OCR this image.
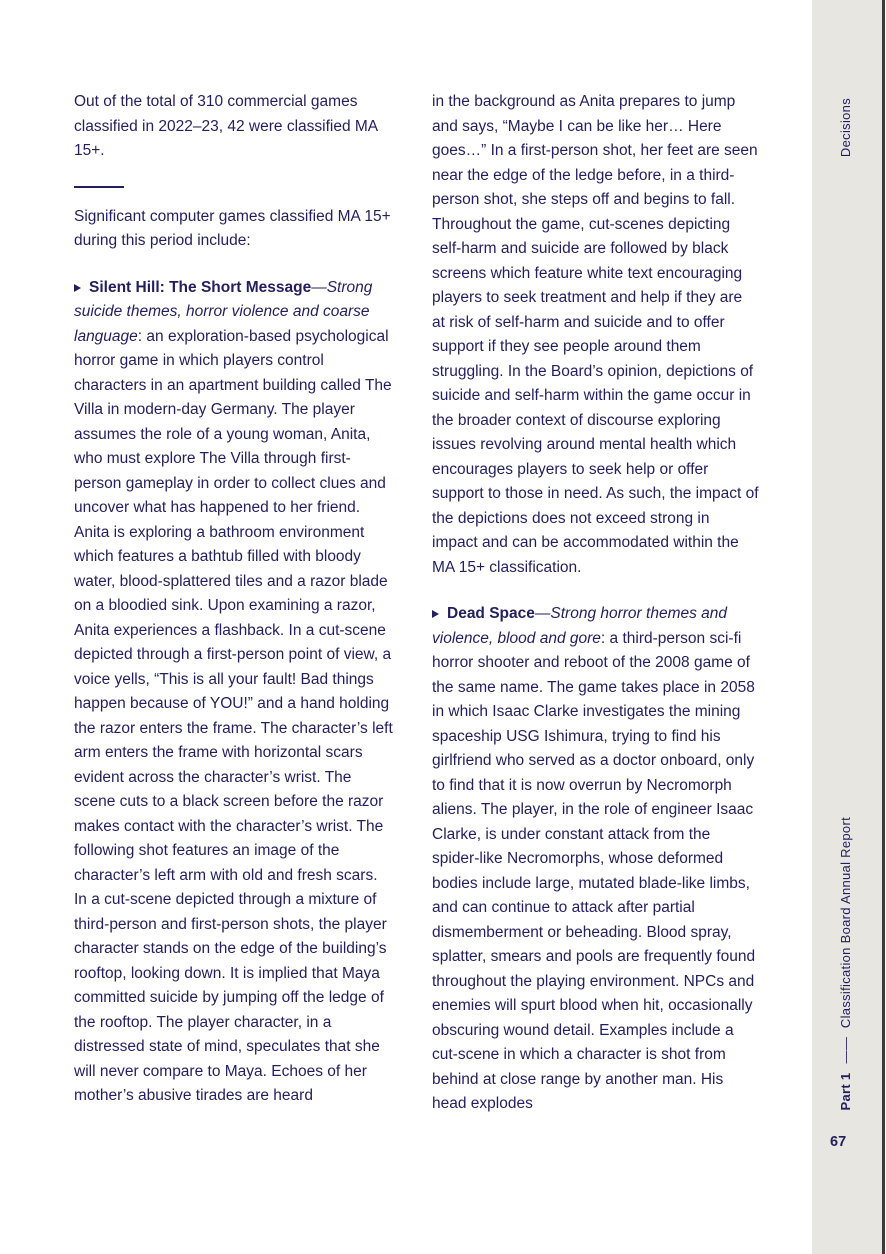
Out of the total of 310 commercial games classified in 2022–23, 42 were classified MA 15+.

Significant computer games classified MA 15+ during this period include:

Silent Hill: The Short Message—Strong suicide themes, horror violence and coarse language: an exploration-based psychological horror game in which players control characters in an apartment building called The Villa in modern-day Germany. The player assumes the role of a young woman, Anita, who must explore The Villa through first-person gameplay in order to collect clues and uncover what has happened to her friend. Anita is exploring a bathroom environment which features a bathtub filled with bloody water, blood-splattered tiles and a razor blade on a bloodied sink. Upon examining a razor, Anita experiences a flashback. In a cut-scene depicted through a first-person point of view, a voice yells, “This is all your fault! Bad things happen because of YOU!” and a hand holding the razor enters the frame. The character’s left arm enters the frame with horizontal scars evident across the character’s wrist. The scene cuts to a black screen before the razor makes contact with the character’s wrist. The following shot features an image of the character’s left arm with old and fresh scars. In a cut-scene depicted through a mixture of third-person and first-person shots, the player character stands on the edge of the building’s rooftop, looking down. It is implied that Maya committed suicide by jumping off the ledge of the rooftop. The player character, in a distressed state of mind, speculates that she will never compare to Maya. Echoes of her mother’s abusive tirades are heard

in the background as Anita prepares to jump and says, “Maybe I can be like her… Here goes…” In a first-person shot, her feet are seen near the edge of the ledge before, in a third-person shot, she steps off and begins to fall. Throughout the game, cut-scenes depicting self-harm and suicide are followed by black screens which feature white text encouraging players to seek treatment and help if they are at risk of self-harm and suicide and to offer support if they see people around them struggling. In the Board’s opinion, depictions of suicide and self-harm within the game occur in the broader context of discourse exploring issues revolving around mental health which encourages players to seek help or offer support to those in need. As such, the impact of the depictions does not exceed strong in impact and can be accommodated within the MA 15+ classification.

Dead Space—Strong horror themes and violence, blood and gore: a third-person sci-fi horror shooter and reboot of the 2008 game of the same name. The game takes place in 2058 in which Isaac Clarke investigates the mining spaceship USG Ishimura, trying to find his girlfriend who served as a doctor onboard, only to find that it is now overrun by Necromorph aliens. The player, in the role of engineer Isaac Clarke, is under constant attack from the spider-like Necromorphs, whose deformed bodies include large, mutated blade-like limbs, and can continue to attack after partial dismemberment or beheading. Blood spray, splatter, smears and pools are frequently found throughout the playing environment. NPCs and enemies will spurt blood when hit, occasionally obscuring wound detail. Examples include a cut-scene in which a character is shot from behind at close range by another man. His head explodes

Decisions
Part 1 —— Classification Board Annual Report
67
